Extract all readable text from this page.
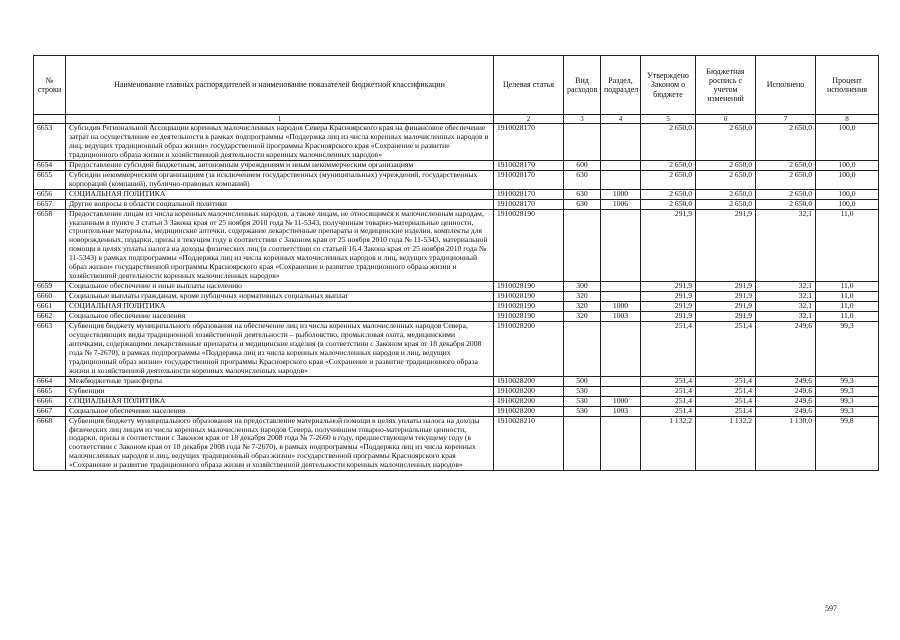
№ строки	Наименование главных распорядителей и наименование показателей бюджетной классификации	Целевая статья	Вид расходов	Раздел, подраздел	Утверждено Законом о бюджете	Бюджетная роспись с учетом изменений	Исполнено	Процент исполнения
	1	2	3	4	5	6	7	8
6653	Субсидия Региональной Ассоциации коренных малочисленных народов Севера Красноярского края на финансовое обеспечение затрат на осуществление ее деятельности в рамках подпрограммы «Поддержка лиц из числа коренных малочисленных народов и лиц, ведущих традиционный образ жизни» государственной программы Красноярского края «Сохранение и развитие традиционного образа жизни и хозяйственной деятельности коренных малочисленных народов»	1910028170			2 650,0	2 650,0	2 650,0	100,0
6654	Предоставление субсидий бюджетным, автономным учреждениям и иным некоммерческим организациям	1910028170	600		2 650,0	2 650,0	2 650,0	100,0
6655	Субсидии некоммерческим организациям (за исключением государственных (муниципальных) учреждений, государственных корпораций (компаний), публично-правовых компаний)	1910028170	630		2 650,0	2 650,0	2 650,0	100,0
6656	СОЦИАЛЬНАЯ ПОЛИТИКА	1910028170	630	1000	2 650,0	2 650,0	2 650,0	100,0
6657	Другие вопросы в области социальной политики	1910028170	630	1006	2 650,0	2 650,0	2 650,0	100,0
6658	Предоставление лицам из числа коренных малочисленных народов, а также лицам, не относящимся к малочисленным народам, указанным в пункте 3 статьи 3 Закона края от 25 ноября 2010 года № 11-5343, полученным товарно-материальные ценности, строительные материалы, медицинские аптечки, содержание лекарственные препараты и медицинские изделия, комплекты для новорожденных, подарки, призы в текущем году в соответствии с Законом края от 25 ноября 2010 года № 11-5343, материальной помощи в целях уплаты налога на доходы физических лиц (в соответствии со статьей 16.4 Закона края от 25 ноября 2010 года № 11-5343) в рамках подпрограммы «Поддержка лиц из числа коренных малочисленных народов и лиц, ведущих традиционный образ жизни» государственной программы Красноярского края «Сохранение и развитие традиционного образа жизни и хозяйственной деятельности коренных малочисленных народов»	1910028190			291,9	291,9	32,1	11,0
6659	Социальное обеспечение и иные выплаты населению	1910028190	300		291,9	291,9	32,1	11,0
6660	Социальные выплаты гражданам, кроме публичных нормативных социальных выплат	1910028190	320		291,9	291,9	32,1	11,0
6661	СОЦИАЛЬНАЯ ПОЛИТИКА	1910028190	320	1000	291,9	291,9	32,1	11,0
6662	Социальное обеспечение населения	1910028190	320	1003	291,9	291,9	32,1	11,0
6663	Субвенция бюджету муниципального образования на обеспечение лиц из числа коренных малочисленных народов Севера, осуществляющих виды традиционной хозяйственной деятельности – рыболовство, промысловая охота, медицинскими аптечками, содержащими лекарственные препараты и медицинские изделия (в соответствии с Законом края от 18 декабря 2008 года № 7-2670), в рамках подпрограммы «Поддержка лиц из числа коренных малочисленных народов и лиц, ведущих традиционный образ жизни» государственной программы Красноярского края «Сохранение и развитие традиционного образа жизни и хозяйственной деятельности коренных малочисленных народов»	1910028200			251,4	251,4	249,6	99,3
6664	Межбюджетные трансферты	1910028200	500		251,4	251,4	249,6	99,3
6665	Субвенции	1910028200	530		251,4	251,4	249,6	99,3
6666	СОЦИАЛЬНАЯ ПОЛИТИКА	1910028200	530	1000	251,4	251,4	249,6	99,3
6667	Социальное обеспечение населения	1910028200	530	1003	251,4	251,4	249,6	99,3
6668	Субвенция бюджету муниципального образования на предоставление материальной помощи в целях уплаты налога на доходы физических лиц лицам из числа коренных малочисленных народов Севера, получившим товарно-материальные ценности, подарки, призы в соответствии с Законом края от 18 декабря 2008 года № 7-2660 в году, предшествующем текущему году (в соответствии с Законом края от 18 декабря 2008 года № 7-2670), в рамках подпрограммы «Поддержка лиц из числа коренных малочисленных народов и лиц, ведущих традиционный образ жизни» государственной программы Красноярского края «Сохранение и развитие традиционного образа жизни и хозяйственной деятельности коренных малочисленных народов»	1910028210			1 132,2	1 132,2	1 130,0	99,8
597
